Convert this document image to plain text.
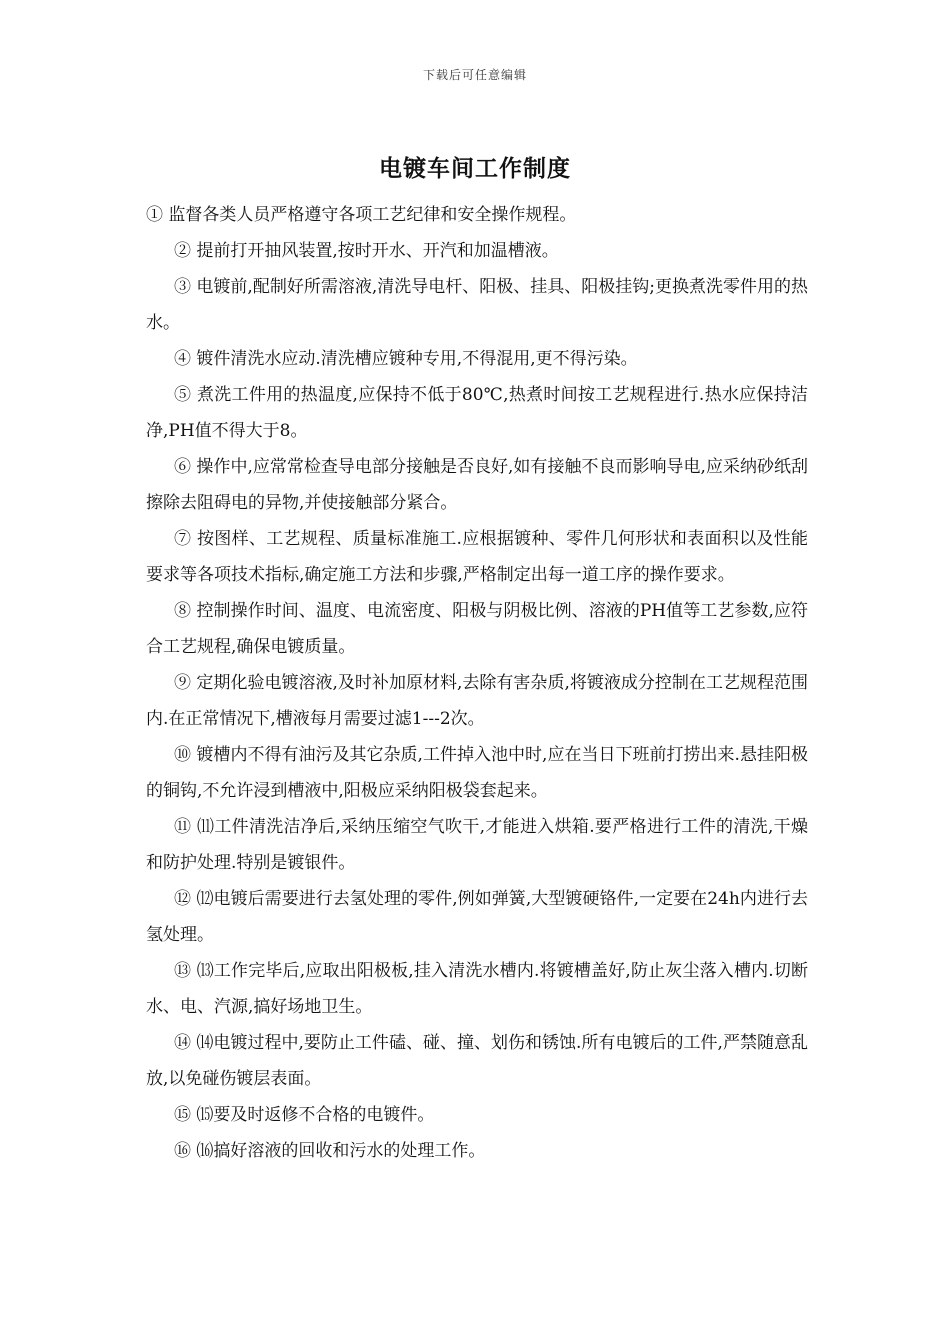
下载后可任意编辑
电镀车间工作制度

① 监督各类人员严格遵守各项工艺纪律和安全操作规程。

② 提前打开抽风装置,按时开水、开汽和加温槽液。

③ 电镀前,配制好所需溶液,清洗导电杆、阳极、挂具、阳极挂钩;更换煮洗零件用的热水。

④ 镀件清洗水应动.清洗槽应镀种专用,不得混用,更不得污染。

⑤ 煮洗工件用的热温度,应保持不低于80℃,热煮时间按工艺规程进行.热水应保持洁净,PH值不得大于8。

⑥ 操作中,应常常检查导电部分接触是否良好,如有接触不良而影响导电,应采纳砂纸刮擦除去阻碍电的异物,并使接触部分紧合。

⑦ 按图样、工艺规程、质量标准施工.应根据镀种、零件几何形状和表面积以及性能要求等各项技术指标,确定施工方法和步骤,严格制定出每一道工序的操作要求。

⑧ 控制操作时间、温度、电流密度、阳极与阴极比例、溶液的PH值等工艺参数,应符合工艺规程,确保电镀质量。

⑨ 定期化验电镀溶液,及时补加原材料,去除有害杂质,将镀液成分控制在工艺规程范围内.在正常情况下,槽液每月需要过滤1---2次。

⑩ 镀槽内不得有油污及其它杂质,工件掉入池中时,应在当日下班前打捞出来.悬挂阳极的铜钩,不允许浸到槽液中,阳极应采纳阳极袋套起来。

⑪ ⑾工件清洗洁净后,采纳压缩空气吹干,才能进入烘箱.要严格进行工件的清洗,干燥和防护处理.特别是镀银件。

⑫ ⑿电镀后需要进行去氢处理的零件,例如弹簧,大型镀硬铬件,一定要在24h内进行去氢处理。

⑬ ⒀工作完毕后,应取出阳极板,挂入清洗水槽内.将镀槽盖好,防止灰尘落入槽内.切断水、电、汽源,搞好场地卫生。

⑭ ⒁电镀过程中,要防止工件磕、碰、撞、划伤和锈蚀.所有电镀后的工件,严禁随意乱放,以免碰伤镀层表面。

⑮ ⒂要及时返修不合格的电镀件。

⑯ ⒃搞好溶液的回收和污水的处理工作。
